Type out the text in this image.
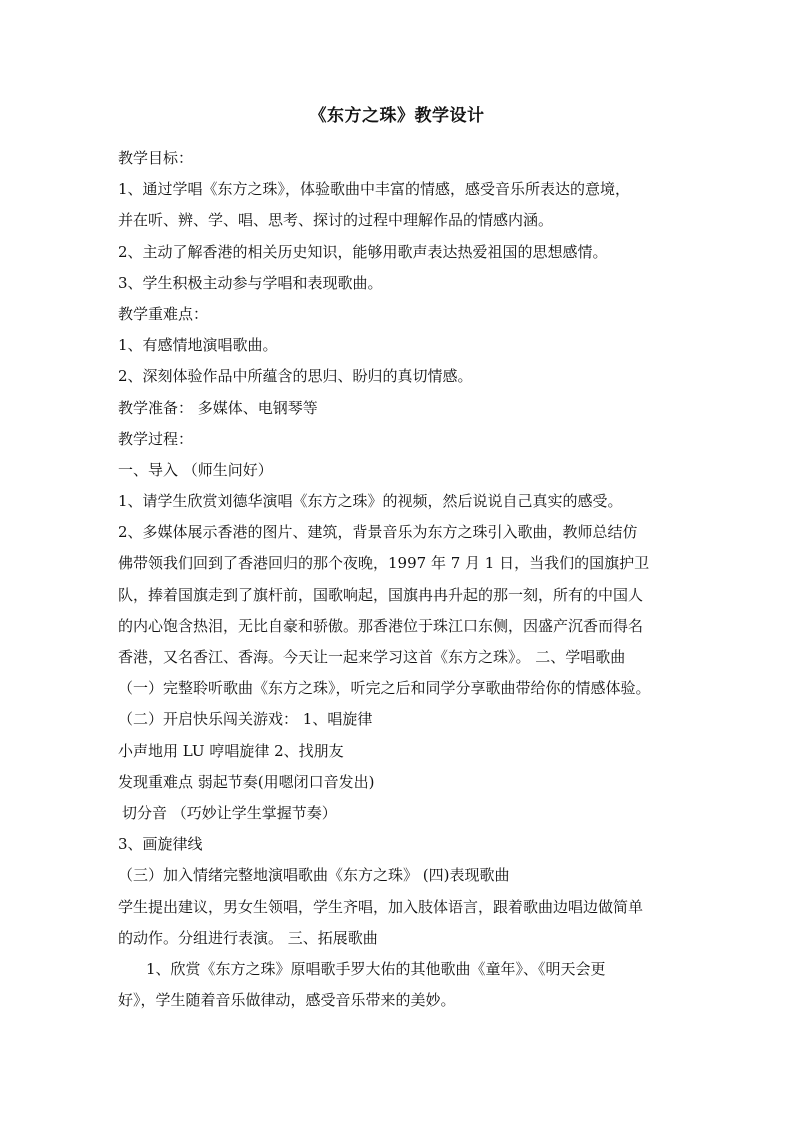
《东方之珠》教学设计
教学目标：
1、通过学唱《东方之珠》，体验歌曲中丰富的情感，感受音乐所表达的意境，
并在听、辨、学、唱、思考、探讨的过程中理解作品的情感内涵。
2、主动了解香港的相关历史知识，能够用歌声表达热爱祖国的思想感情。
3、学生积极主动参与学唱和表现歌曲。
教学重难点：
1、有感情地演唱歌曲。
2、深刻体验作品中所蕴含的思归、盼归的真切情感。
教学准备： 多媒体、电钢琴等
教学过程：
一、导入 （师生问好）
1、请学生欣赏刘德华演唱《东方之珠》的视频，然后说说自己真实的感受。
2、多媒体展示香港的图片、建筑，背景音乐为东方之珠引入歌曲，教师总结仿
佛带领我们回到了香港回归的那个夜晚，1997 年 7 月 1 日，当我们的国旗护卫
队，捧着国旗走到了旗杆前，国歌响起，国旗冉冉升起的那一刻，所有的中国人
的内心饱含热泪，无比自豪和骄傲。那香港位于珠江口东侧，因盛产沉香而得名
香港，又名香江、香海。今天让一起来学习这首《东方之珠》。 二、学唱歌曲
（一）完整聆听歌曲《东方之珠》，听完之后和同学分享歌曲带给你的情感体验。
（二）开启快乐闯关游戏： 1、唱旋律
小声地用 LU 哼唱旋律 2、找朋友
发现重难点 弱起节奏(用嗯闭口音发出)
切分音 （巧妙让学生掌握节奏）
3、画旋律线
（三）加入情绪完整地演唱歌曲《东方之珠》 (四)表现歌曲
学生提出建议，男女生领唱，学生齐唱，加入肢体语言，跟着歌曲边唱边做简单
的动作。分组进行表演。 三、拓展歌曲
1、欣赏《东方之珠》原唱歌手罗大佑的其他歌曲《童年》、《明天会更
好》，学生随着音乐做律动，感受音乐带来的美妙。
